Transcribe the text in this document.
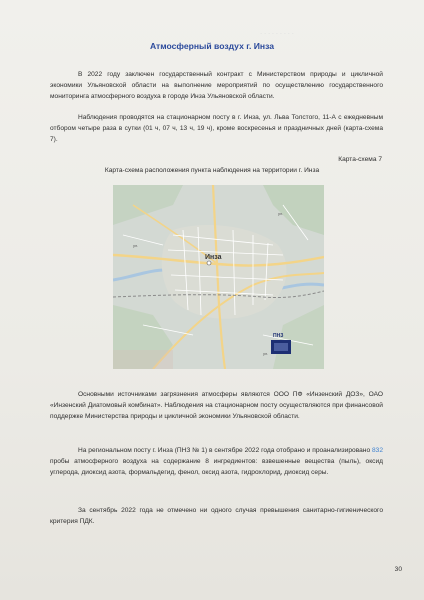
· · · · · · · · ·
Атмосферный воздух г. Инза

В 2022 году заключен государственный контракт с Министерством природы и цикличной экономики Ульяновской области на выполнение мероприятий по осуществлению государственного мониторинга атмосферного воздуха в городе Инза Ульяновской области.

Наблюдения проводятся на стационарном посту в г. Инза, ул. Льва Толстого, 11-А с ежедневным отбором четыре раза в сутки (01 ч, 07 ч, 13 ч, 19 ч), кроме воскресенья и праздничных дней (карта-схема 7).

Карта-схема 7
Карта-схема расположения пункта наблюдения на территории г. Инза
ул.
ул.
ул.
Инза
ПНЗ

Основными источниками загрязнения атмосферы являются ООО ПФ «Инзенский ДОЗ», ОАО «Инзенский Диатомовый комбинат». Наблюдения на стационарном посту осуществляются при финансовой поддержке Министерства природы и цикличной экономики Ульяновской области.

На региональном посту г. Инза (ПНЗ № 1) в сентябре 2022 года отобрано и проанализировано 832 пробы атмосферного воздуха на содержание 8 ингредиентов: взвешенные вещества (пыль), оксид углерода, диоксид азота, формальдегид, фенол, оксид азота, гидрохлорид, диоксид серы.

За сентябрь 2022 года не отмечено ни одного случая превышения санитарно-гигиенического критерия ПДК.

30
